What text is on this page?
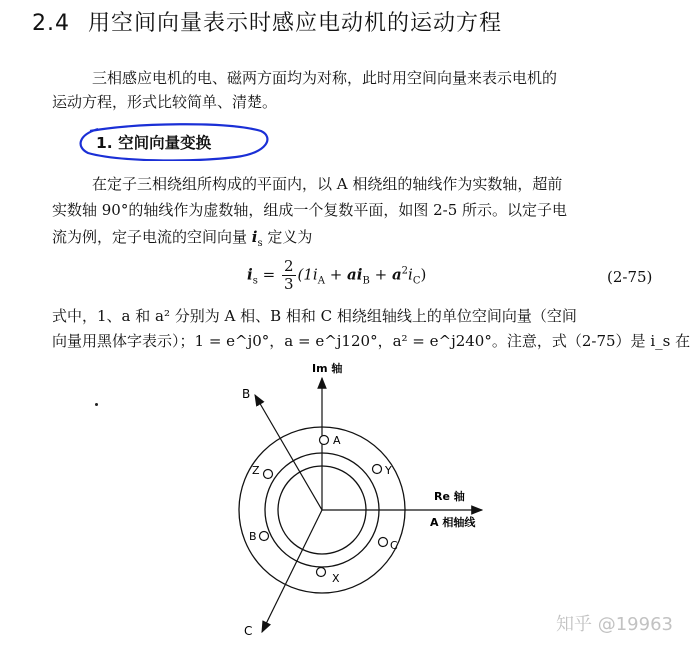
2.4 用空间向量表示时感应电动机的运动方程
三相感应电机的电、磁两方面均为对称，此时用空间向量来表示电机的
运动方程，形式比较简单、清楚。
1. 空间向量变换
在定子三相绕组所构成的平面内，以 A 相绕组的轴线作为实数轴，超前
实数轴 90°的轴线作为虚数轴，组成一个复数平面，如图 2-5 所示。以定子电
流为例，定子电流的空间向量 $i_s$ 定义为
$i_s = \frac{2}{3} (1i_A + ai_B + a^2i_C)$	(2-75)
式中，1、a 和 a² 分别为 A 相、B 相和 C 相绕组轴线上的单位空间向量（空间
向量用黑体字表示）；1 = e^j0°，a = e^j120°，a² = e^j240°。注意，式（2-75）是 i_s 在
Im 轴
Re 轴
A 相轴线
B
C
A
Y
Z
B
C
X
知乎 @19963
